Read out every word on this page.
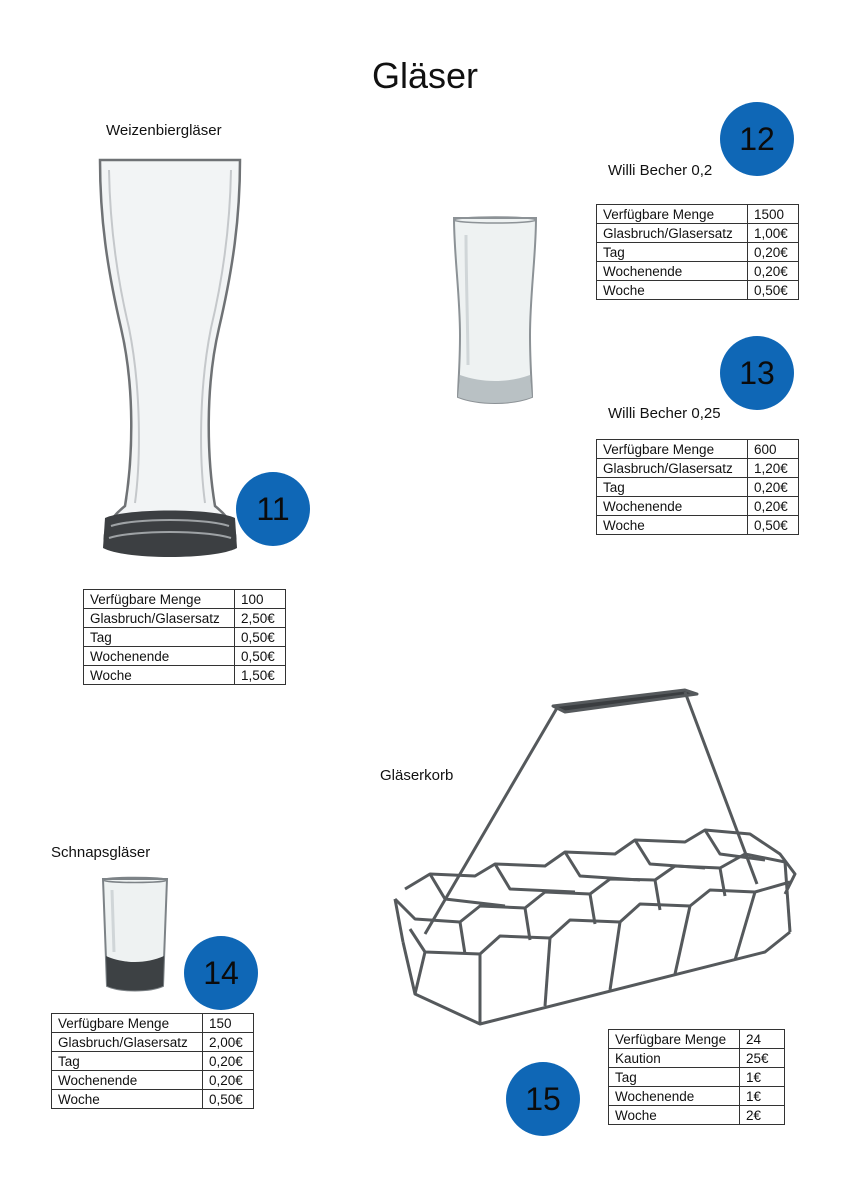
Gläser
Weizenbiergläser
11
Verfügbare Menge	100
Glasbruch/Glasersatz	2,50€
Tag	0,50€
Wochenende	0,50€
Woche	1,50€
12
Willi Becher 0,2
Verfügbare Menge	1500
Glasbruch/Glasersatz	1,00€
Tag	0,20€
Wochenende	0,20€
Woche	0,50€
13
Willi Becher 0,25
Verfügbare Menge	600
Glasbruch/Glasersatz	1,20€
Tag	0,20€
Wochenende	0,20€
Woche	0,50€
Schnapsgläser
14
Verfügbare Menge	150
Glasbruch/Glasersatz	2,00€
Tag	0,20€
Wochenende	0,20€
Woche	0,50€
Gläserkorb
Verfügbare Menge	24
Kaution	25€
Tag	1€
Wochenende	1€
Woche	2€
15
